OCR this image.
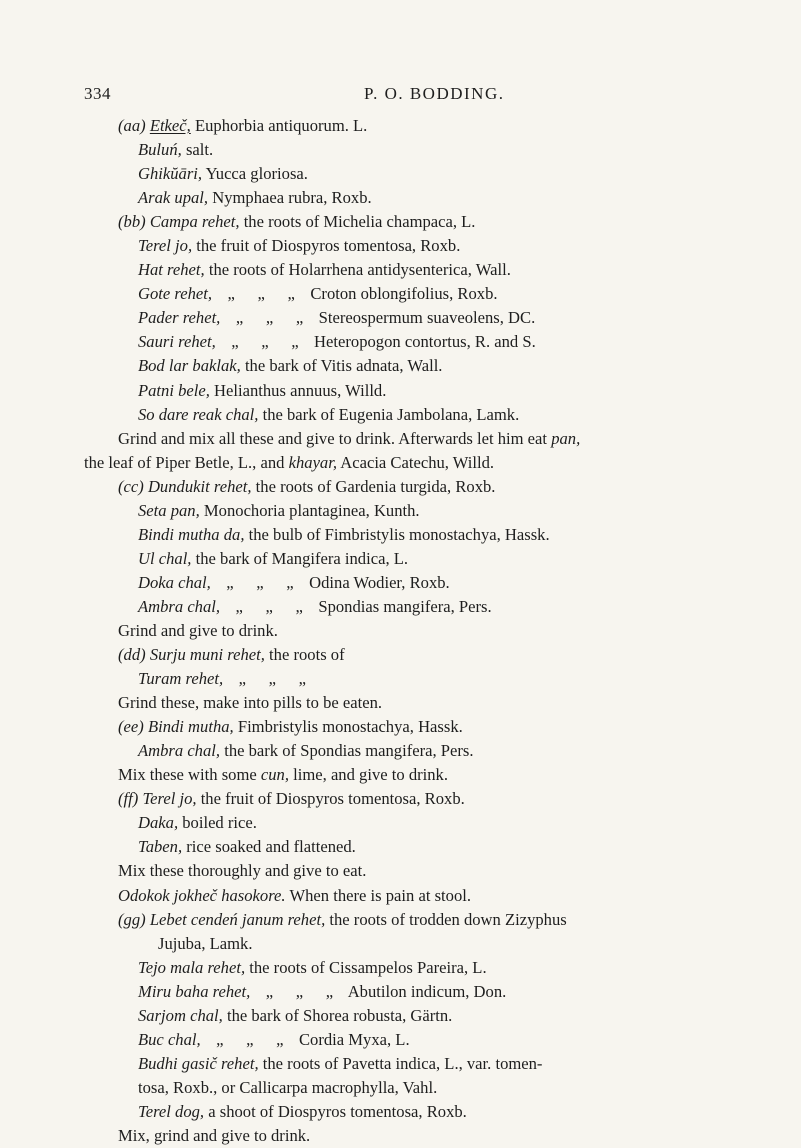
334	P. O. BODDING.
(aa) Etkeč, Euphorbia antiquorum. L.
Buluń, salt.
Ghikŭāri, Yucca gloriosa.
Arak upal, Nymphaea rubra, Roxb.
(bb) Campa rehet, the roots of Michelia champaca, L.
Terel jo, the fruit of Diospyros tomentosa, Roxb.
Hat rehet, the roots of Holarrhena antidysenterica, Wall.
Gote rehet, „ „ „ Croton oblongifolius, Roxb.
Pader rehet, „ „ „ Stereospermum suaveolens, DC.
Sauri rehet, „ „ „ Heteropogon contortus, R. and S.
Bod lar baklak, the bark of Vitis adnata, Wall.
Patni bele, Helianthus annuus, Willd.
So dare reak chal, the bark of Eugenia Jambolana, Lamk.
Grind and mix all these and give to drink. Afterwards let him eat pan,
the leaf of Piper Betle, L., and khayar, Acacia Catechu, Willd.
(cc) Dundukit rehet, the roots of Gardenia turgida, Roxb.
Seta pan, Monochoria plantaginea, Kunth.
Bindi mutha da, the bulb of Fimbristylis monostachya, Hassk.
Ul chal, the bark of Mangifera indica, L.
Doka chal, „ „ „ Odina Wodier, Roxb.
Ambra chal, „ „ „ Spondias mangifera, Pers.
Grind and give to drink.
(dd) Surju muni rehet, the roots of
Turam rehet, „ „ „
Grind these, make into pills to be eaten.
(ee) Bindi mutha, Fimbristylis monostachya, Hassk.
Ambra chal, the bark of Spondias mangifera, Pers.
Mix these with some cun, lime, and give to drink.
(ff) Terel jo, the fruit of Diospyros tomentosa, Roxb.
Daka, boiled rice.
Taben, rice soaked and flattened.
Mix these thoroughly and give to eat.
Odokok jokheč hasokore. When there is pain at stool.
(gg) Lebet cendeń janum rehet, the roots of trodden down Zizyphus
Jujuba, Lamk.
Tejo mala rehet, the roots of Cissampelos Pareira, L.
Miru baha rehet, „ „ „ Abutilon indicum, Don.
Sarjom chal, the bark of Shorea robusta, Gärtn.
Buc chal, „ „ „ Cordia Myxa, L.
Budhi gasič rehet, the roots of Pavetta indica, L., var. tomen-
tosa, Roxb., or Callicarpa macrophylla, Vahl.
Terel dog, a shoot of Diospyros tomentosa, Roxb.
Mix, grind and give to drink.
